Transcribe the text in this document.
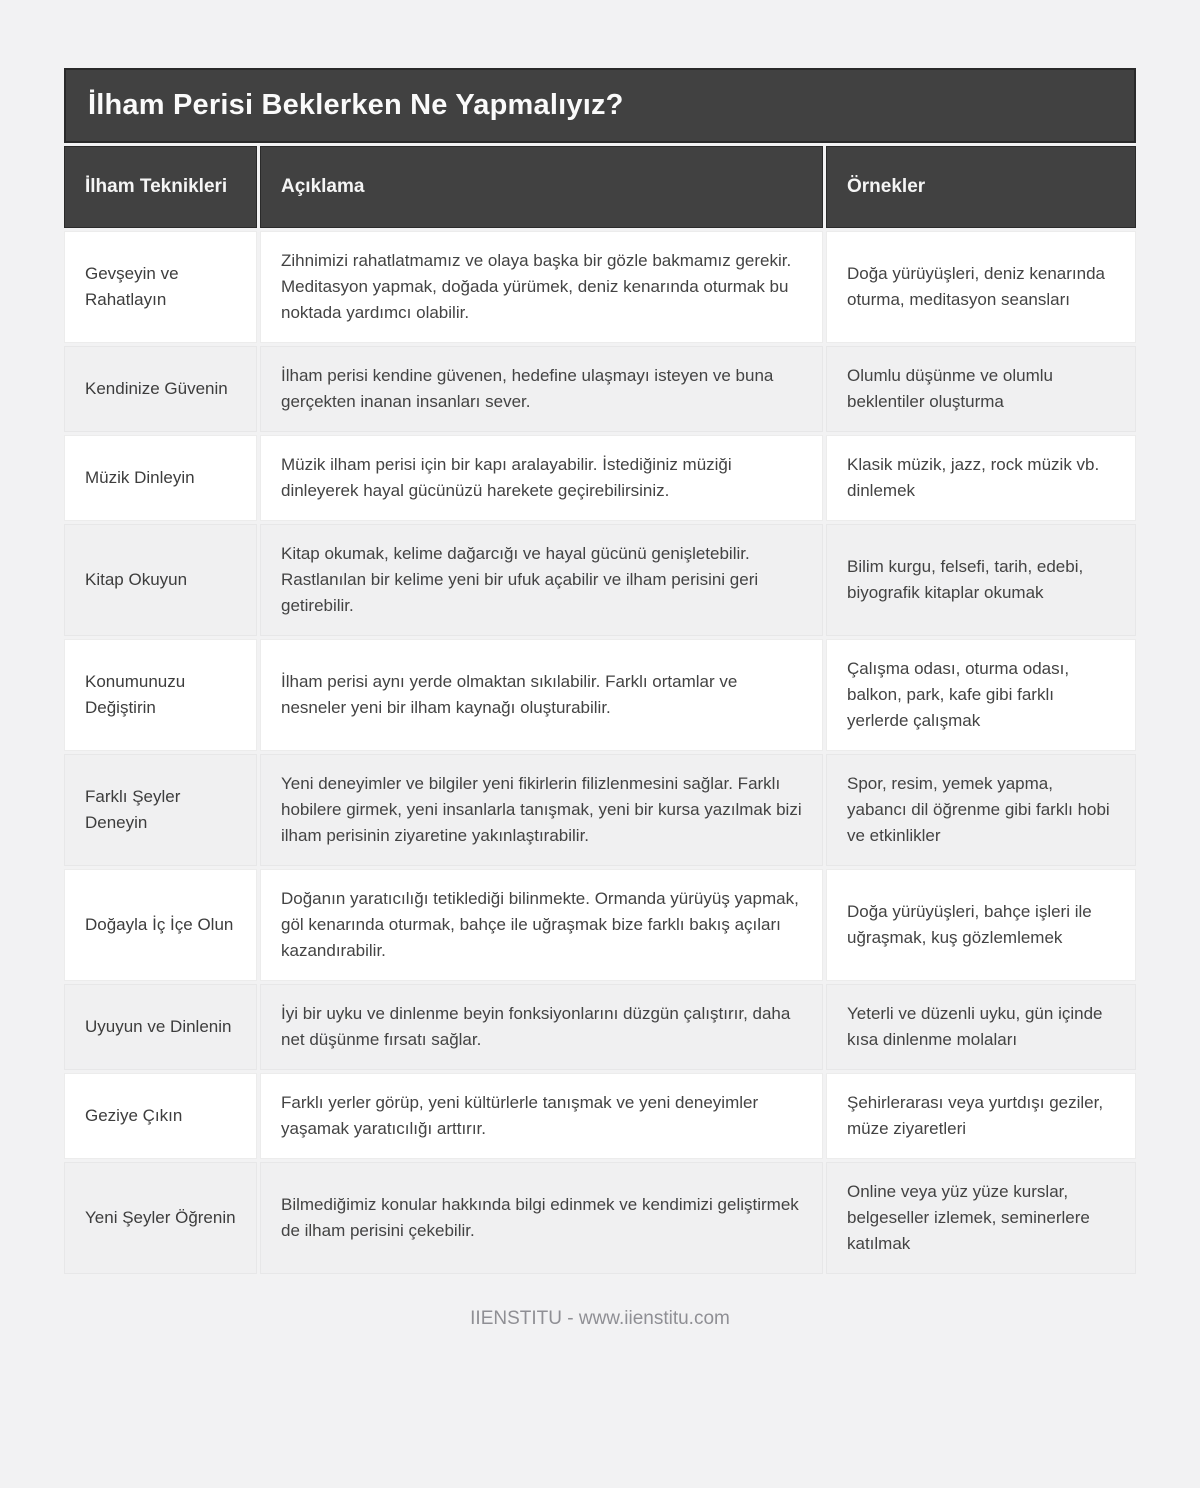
İlham Perisi Beklerken Ne Yapmalıyız?
İlham Teknikleri	Açıklama	Örnekler
Gevşeyin ve Rahatlayın
Zihnimizi rahatlatmamız ve olaya başka bir gözle bakmamız gerekir. Meditasyon yapmak, doğada yürümek, deniz kenarında oturmak bu noktada yardımcı olabilir.
Doğa yürüyüşleri, deniz kenarında oturma, meditasyon seansları
Kendinize Güvenin
İlham perisi kendine güvenen, hedefine ulaşmayı isteyen ve buna gerçekten inanan insanları sever.
Olumlu düşünme ve olumlu beklentiler oluşturma
Müzik Dinleyin
Müzik ilham perisi için bir kapı aralayabilir. İstediğiniz müziği dinleyerek hayal gücünüzü harekete geçirebilirsiniz.
Klasik müzik, jazz, rock müzik vb. dinlemek
Kitap Okuyun
Kitap okumak, kelime dağarcığı ve hayal gücünü genişletebilir. Rastlanılan bir kelime yeni bir ufuk açabilir ve ilham perisini geri getirebilir.
Bilim kurgu, felsefi, tarih, edebi, biyografik kitaplar okumak
Konumunuzu Değiştirin
İlham perisi aynı yerde olmaktan sıkılabilir. Farklı ortamlar ve nesneler yeni bir ilham kaynağı oluşturabilir.
Çalışma odası, oturma odası, balkon, park, kafe gibi farklı yerlerde çalışmak
Farklı Şeyler Deneyin
Yeni deneyimler ve bilgiler yeni fikirlerin filizlenmesini sağlar. Farklı hobilere girmek, yeni insanlarla tanışmak, yeni bir kursa yazılmak bizi ilham perisinin ziyaretine yakınlaştırabilir.
Spor, resim, yemek yapma, yabancı dil öğrenme gibi farklı hobi ve etkinlikler
Doğayla İç İçe Olun
Doğanın yaratıcılığı tetiklediği bilinmekte. Ormanda yürüyüş yapmak, göl kenarında oturmak, bahçe ile uğraşmak bize farklı bakış açıları kazandırabilir.
Doğa yürüyüşleri, bahçe işleri ile uğraşmak, kuş gözlemlemek
Uyuyun ve Dinlenin
İyi bir uyku ve dinlenme beyin fonksiyonlarını düzgün çalıştırır, daha net düşünme fırsatı sağlar.
Yeterli ve düzenli uyku, gün içinde kısa dinlenme molaları
Geziye Çıkın
Farklı yerler görüp, yeni kültürlerle tanışmak ve yeni deneyimler yaşamak yaratıcılığı arttırır.
Şehirlerarası veya yurtdışı geziler, müze ziyaretleri
Yeni Şeyler Öğrenin
Bilmediğimiz konular hakkında bilgi edinmek ve kendimizi geliştirmek de ilham perisini çekebilir.
Online veya yüz yüze kurslar, belgeseller izlemek, seminerlere katılmak
IIENSTITU - www.iienstitu.com
